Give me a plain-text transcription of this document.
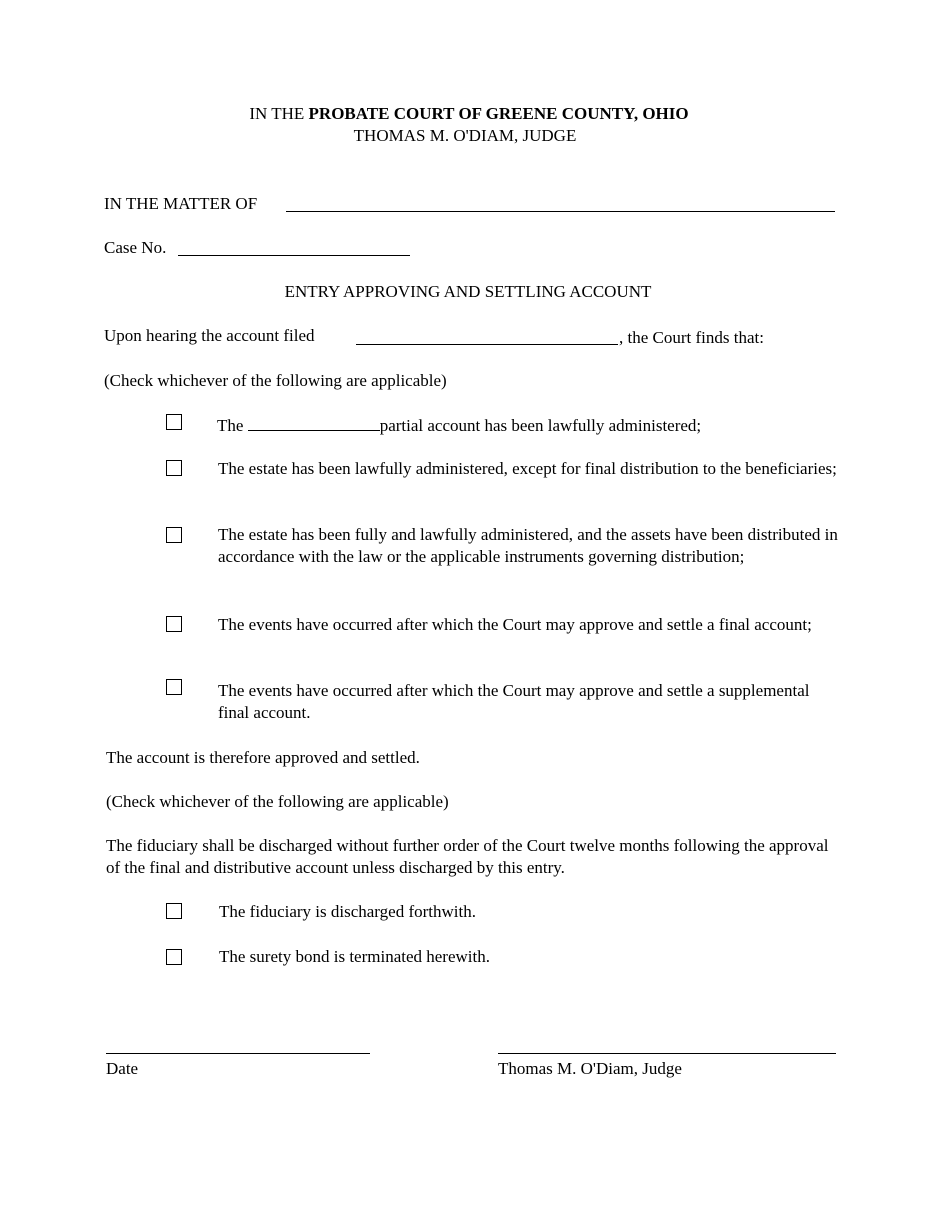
IN THE PROBATE COURT OF GREENE COUNTY, OHIO
THOMAS M. O'DIAM, JUDGE
IN THE MATTER OF
Case No.
ENTRY APPROVING AND SETTLING ACCOUNT
Upon hearing the account filed	, the Court finds that:
(Check whichever of the following are applicable)
The	partial account has been lawfully administered;
The estate has been lawfully administered, except for final distribution to the beneficiaries;
The estate has been fully and lawfully administered, and the assets have been distributed in accordance with the law or the applicable instruments governing distribution;
The events have occurred after which the Court may approve and settle a final account;
The events have occurred after which the Court may approve and settle a supplemental final account.
The account is therefore approved and settled.
(Check whichever of the following are applicable)
The fiduciary shall be discharged without further order of the Court twelve months following the approval of the final and distributive account unless discharged by this entry.
The fiduciary is discharged forthwith.
The surety bond is terminated herewith.
Date	Thomas M. O'Diam, Judge
